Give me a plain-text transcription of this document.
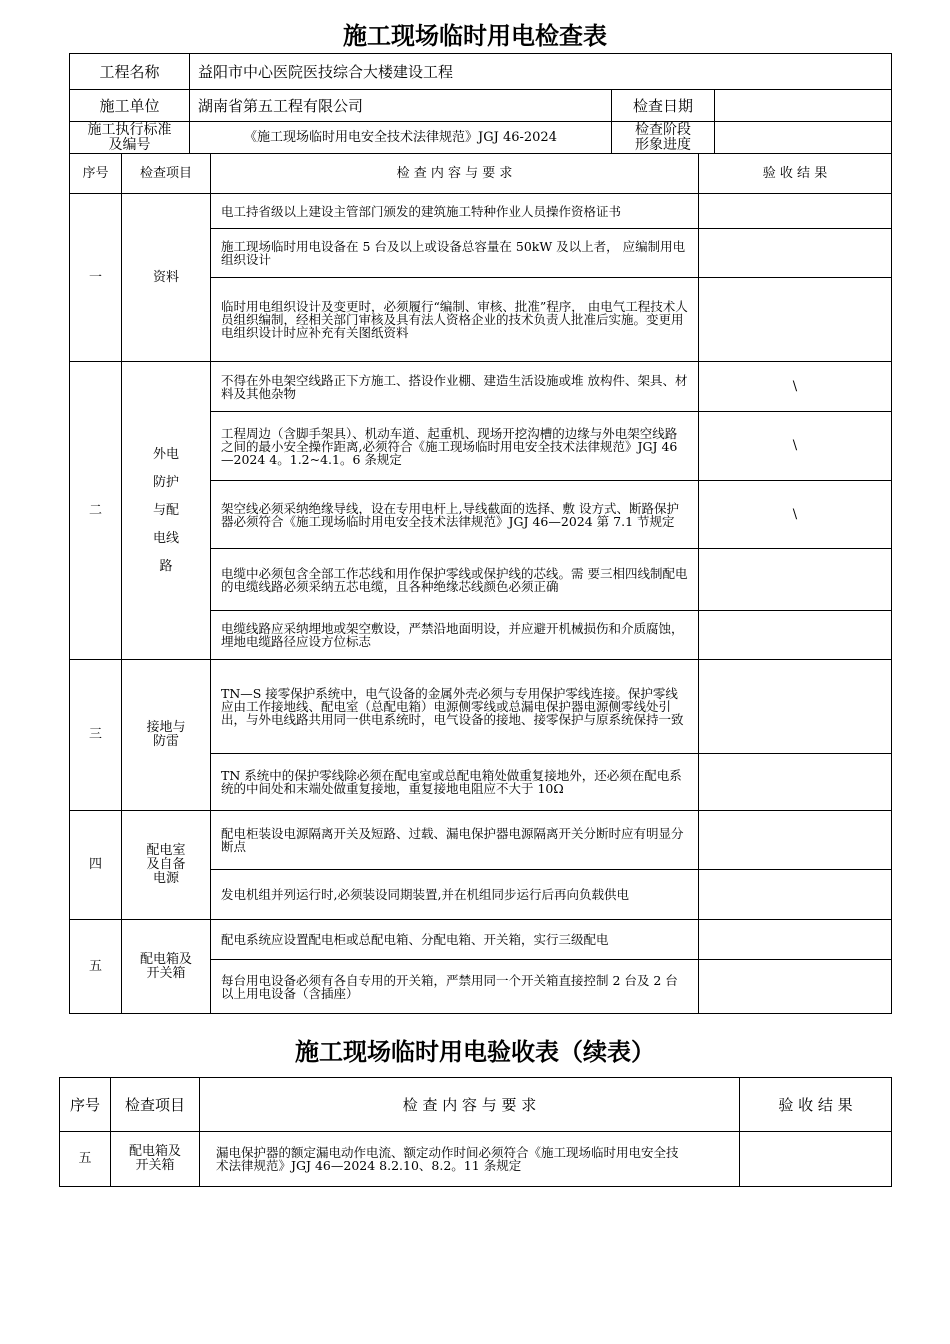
施工现场临时用电检查表
工程名称	益阳市中心医院医技综合大楼建设工程		
施工单位	湖南省第五工程有限公司	检查日期	
施工执行标准及编号	《施工现场临时用电安全技术法律规范》JGJ 46-2024	检查阶段形象进度	
序号	检查项目	检 查 内 容 与 要 求	验 收 结 果
一	资料	电工持省级以上建设主管部门颁发的建筑施工特种作业人员操作资格证书	
		施工现场临时用电设备在 5 台及以上或设备总容量在 50kW 及以上者， 应编制用电组织设计	
		临时用电组织设计及变更时，必须履行“编制、审核、批准”程序， 由电气工程技术人员组织编制，经相关部门审核及具有法人资格企业的技术负责人批准后实施。变更用电组织设计时应补充有关图纸资料	
二	外电
防护
与配
电线
路	不得在外电架空线路正下方施工、搭设作业棚、建造生活设施或堆 放构件、架具、材料及其他杂物	\
		工程周边（含脚手架具）、机动车道、起重机、现场开挖沟槽的边缘与外电架空线路之间的最小安全操作距离,必须符合《施工现场临时用电安全技术法律规范》JGJ 46—2024 4。1.2~4.1。6 条规定	\
		架空线必须采纳绝缘导线，设在专用电杆上,导线截面的选择、敷 设方式、断路保护器必须符合《施工现场临时用电安全技术法律规范》JGJ 46—2024 第 7.1 节规定	\
		电缆中必须包含全部工作芯线和用作保护零线或保护线的芯线。需 要三相四线制配电的电缆线路必须采纳五芯电缆，且各种绝缘芯线颜色必须正确	
		电缆线路应采纳埋地或架空敷设，严禁沿地面明设，并应避开机械损伤和介质腐蚀，埋地电缆路径应设方位标志	
三	接地与
防雷	TN—S 接零保护系统中，电气设备的金属外壳必须与专用保护零线连接。保护零线应由工作接地线、配电室（总配电箱）电源侧零线或总漏电保护器电源侧零线处引出，与外电线路共用同一供电系统时，电气设备的接地、接零保护与原系统保持一致	
		TN 系统中的保护零线除必须在配电室或总配电箱处做重复接地外，还必须在配电系统的中间处和末端处做重复接地，重复接地电阻应不大于 10Ω	
四	配电室
及自备
电源	配电柜装设电源隔离开关及短路、过载、漏电保护器电源隔离开关分断时应有明显分断点	
		发电机组并列运行时,必须装设同期装置,并在机组同步运行后再向负载供电	
五	配电箱及
开关箱	配电系统应设置配电柜或总配电箱、分配电箱、开关箱，实行三级配电	
		每台用电设备必须有各自专用的开关箱，严禁用同一个开关箱直接控制 2 台及 2 台以上用电设备（含插座）	
施工现场临时用电验收表（续表）
序号	检查项目	检 查 内 容 与 要 求	验 收 结 果
五	配电箱及
开关箱	漏电保护器的额定漏电动作电流、额定动作时间必须符合《施工现场临时用电安全技术法律规范》JGJ 46—2024 8.2.10、8.2。11 条规定	
